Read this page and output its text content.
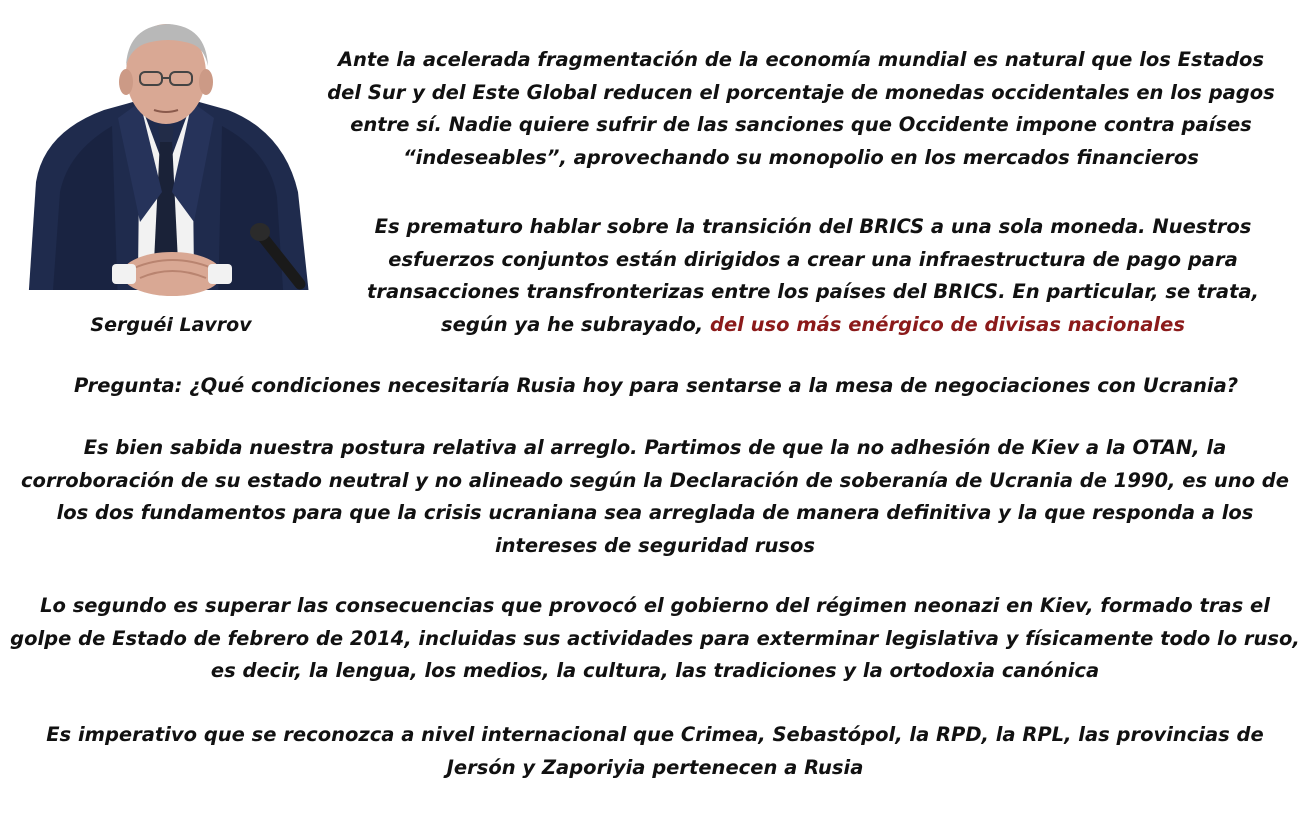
Serguéi Lavrov

Ante la acelerada fragmentación de la economía mundial es natural que los Estados del Sur y del Este Global reducen el porcentaje de monedas occidentales en los pagos entre sí. Nadie quiere sufrir de las sanciones que Occidente impone contra países “indeseables”, aprovechando su monopolio en los mercados financieros

Es prematuro hablar sobre la transición del BRICS a una sola moneda. Nuestros esfuerzos conjuntos están dirigidos a crear una infraestructura de pago para transacciones transfronterizas entre los países del BRICS. En particular, se trata, según ya he subrayado, del uso más enérgico de divisas nacionales

Pregunta: ¿Qué condiciones necesitaría Rusia hoy para sentarse a la mesa de negociaciones con Ucrania?

Es bien sabida nuestra postura relativa al arreglo. Partimos de que la no adhesión de Kiev a la OTAN, la corroboración de su estado neutral y no alineado según la Declaración de soberanía de Ucrania de 1990, es uno de los dos fundamentos para que la crisis ucraniana sea arreglada de manera definitiva y la que responda a los intereses de seguridad rusos

Lo segundo es superar las consecuencias que provocó el gobierno del régimen neonazi en Kiev, formado tras el golpe de Estado de febrero de 2014, incluidas sus actividades para exterminar legislativa y físicamente todo lo ruso, es decir, la lengua, los medios, la cultura, las tradiciones y la ortodoxia canónica

Es imperativo que se reconozca a nivel internacional que Crimea, Sebastópol, la RPD, la RPL, las provincias de Jersón y Zaporiyia pertenecen a Rusia
